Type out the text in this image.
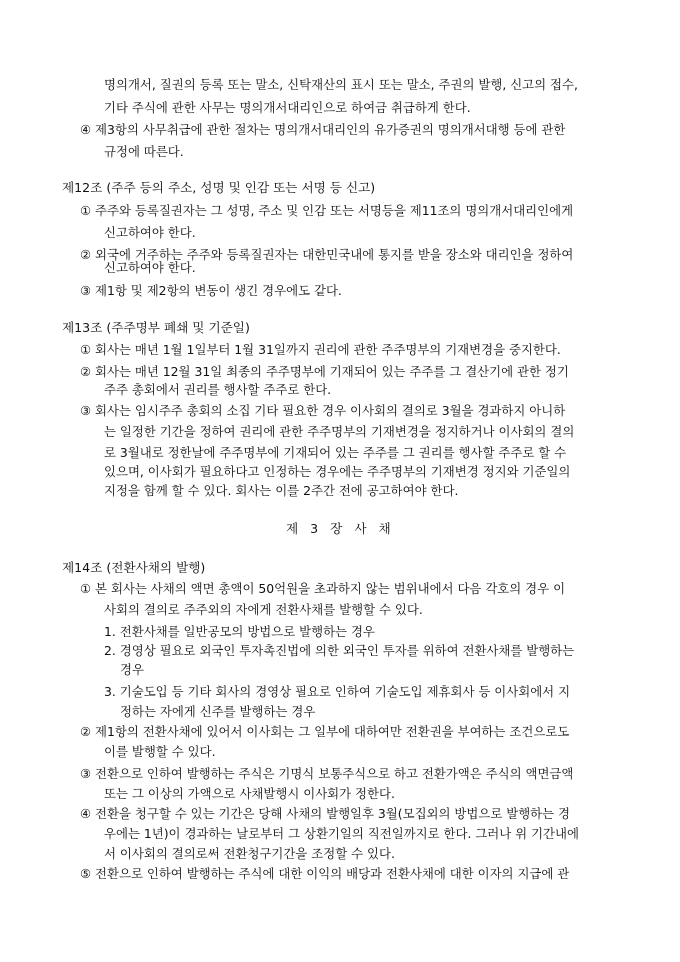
명의개서, 질권의 등록 또는 말소, 신탁재산의 표시 또는 말소, 주권의 발행, 신고의 접수,
기타 주식에 관한 사무는 명의개서대리인으로 하여금 취급하게 한다.
④ 제3항의 사무취급에 관한 절차는 명의개서대리인의 유가증권의 명의개서대행 등에 관한
규정에 따른다.
제12조 (주주 등의 주소, 성명 및 인감 또는 서명 등 신고)
① 주주와 등록질권자는 그 성명, 주소 및 인감 또는 서명등을 제11조의 명의개서대리인에게
신고하여야 한다.
② 외국에 거주하는 주주와 등록질권자는 대한민국내에 통지를 받을 장소와 대리인을 정하여
신고하여야 한다.
③ 제1항 및 제2항의 변동이 생긴 경우에도 같다.
제13조 (주주명부 폐쇄 및 기준일)
① 회사는 매년 1월 1일부터 1월 31일까지 권리에 관한 주주명부의 기재변경을 중지한다.
② 회사는 매년 12월 31일 최종의 주주명부에 기재되어 있는 주주를 그 결산기에 관한 정기
주주 총회에서 권리를 행사할 주주로 한다.
③ 회사는 임시주주 총회의 소집 기타 필요한 경우 이사회의 결의로 3월을 경과하지 아니하
는 일정한 기간을 정하여 권리에 관한 주주명부의 기재변경을 정지하거나 이사회의 결의
로 3월내로 정한날에 주주명부에 기재되어 있는 주주를 그 권리를 행사할 주주로 할 수
있으며, 이사회가 필요하다고 인정하는 경우에는 주주명부의 기재변경 정지와 기준일의
지정을 함께 할 수 있다. 회사는 이를 2주간 전에 공고하여야 한다.
제 3 장 사 채
제14조 (전환사채의 발행)
① 본 회사는 사채의 액면 총액이 50억원을 초과하지 않는 범위내에서 다음 각호의 경우 이
사회의 결의로 주주외의 자에게 전환사채를 발행할 수 있다.
1. 전환사채를 일반공모의 방법으로 발행하는 경우
2. 경영상 필요로 외국인 투자촉진법에 의한 외국인 투자를 위하여 전환사채를 발행하는
경우
3. 기술도입 등 기타 회사의 경영상 필요로 인하여 기술도입 제휴회사 등 이사회에서 지
정하는 자에게 신주를 발행하는 경우
② 제1항의 전환사채에 있어서 이사회는 그 일부에 대하여만 전환권을 부여하는 조건으로도
이를 발행할 수 있다.
③ 전환으로 인하여 발행하는 주식은 기명식 보통주식으로 하고 전환가액은 주식의 액면금액
또는 그 이상의 가액으로 사채발행시 이사회가 정한다.
④ 전환을 청구할 수 있는 기간은 당해 사채의 발행일후 3월(모집외의 방법으로 발행하는 경
우에는 1년)이 경과하는 날로부터 그 상환기일의 직전일까지로 한다. 그러나 위 기간내에
서 이사회의 결의로써 전환청구기간을 조정할 수 있다.
⑤ 전환으로 인하여 발행하는 주식에 대한 이익의 배당과 전환사채에 대한 이자의 지급에 관
